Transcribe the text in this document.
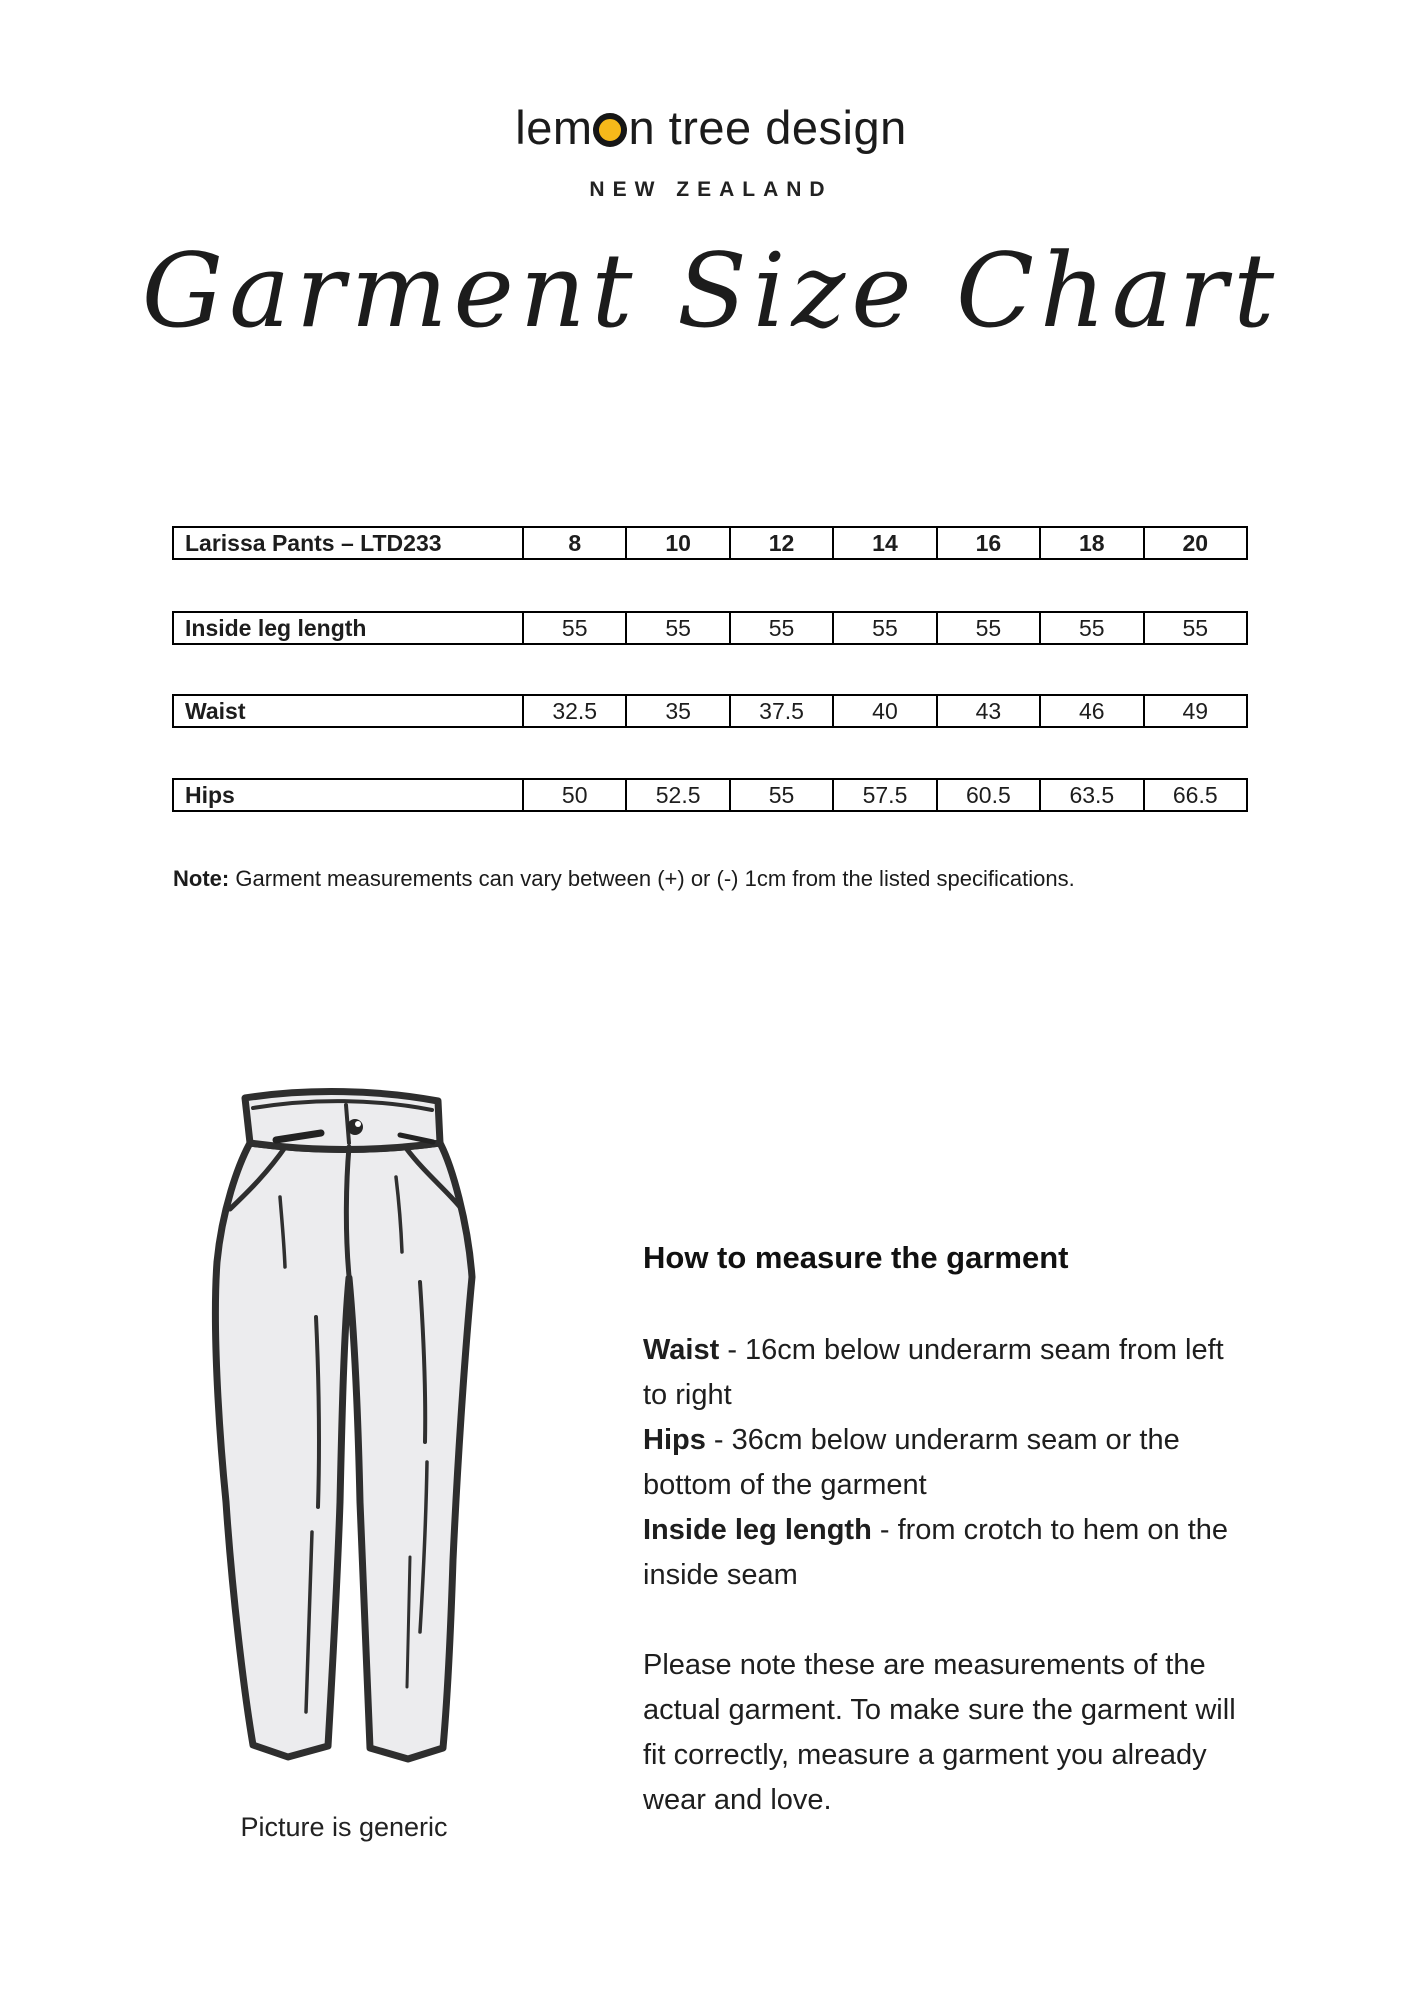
lem n tree design
NEW ZEALAND
Garment Size Chart
Larissa Pants – LTD233	8	10	12	14	16	18	20
Inside leg length	55	55	55	55	55	55	55
Waist	32.5	35	37.5	40	43	46	49
Hips	50	52.5	55	57.5	60.5	63.5	66.5
Note: Garment measurements can vary between (+) or (-) 1cm from the listed specifications.
Picture is generic
How to measure the garment
Waist - 16cm below underarm seam from left to right
Hips - 36cm below underarm seam or the bottom of the garment
Inside leg length - from crotch to hem on the inside seam

Please note these are measurements of the actual garment. To make sure the garment will fit correctly, measure a garment you already wear and love.
